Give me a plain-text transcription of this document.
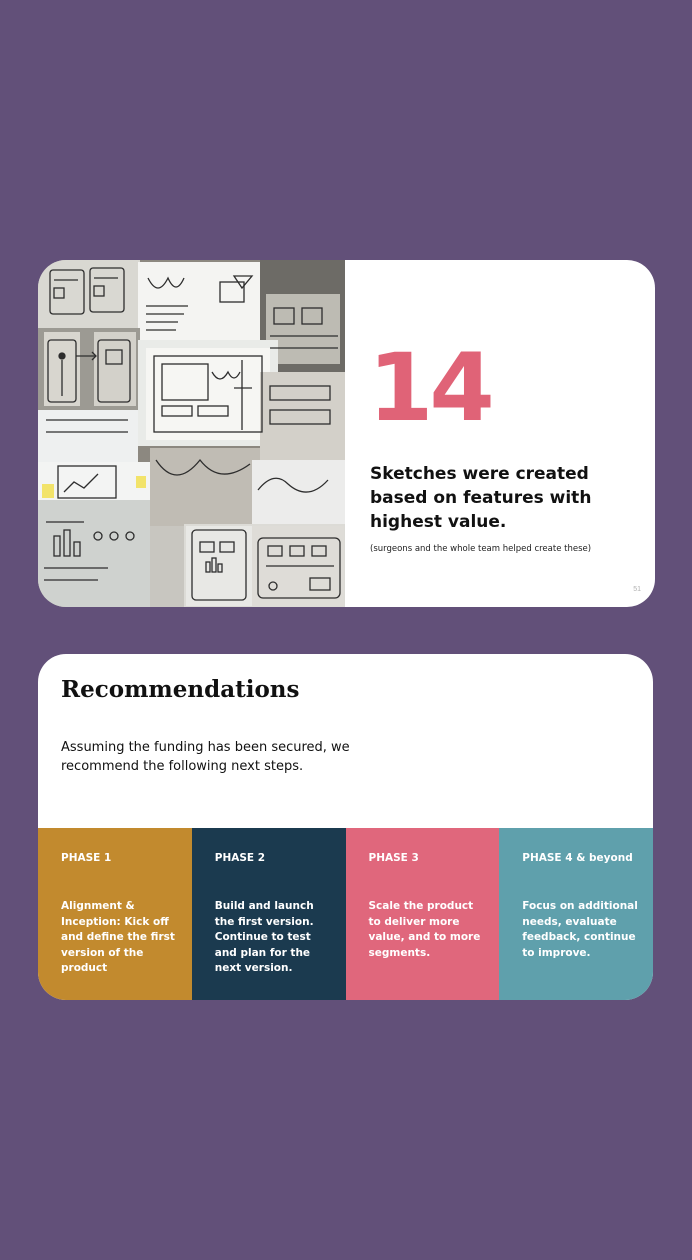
14
Sketches were created based on features with highest value.
(surgeons and the whole team helped create these)
51
Recommendations
Assuming the funding has been secured, we recommend the following next steps.
PHASE 1
Alignment & Inception: Kick off and define the first version of the product
PHASE 2
Build and launch the first version. Continue to test and plan for the next version.
PHASE 3
Scale the product to deliver more value, and to more segments.
PHASE 4 & beyond
Focus on additional needs, evaluate feedback, continue to improve.
